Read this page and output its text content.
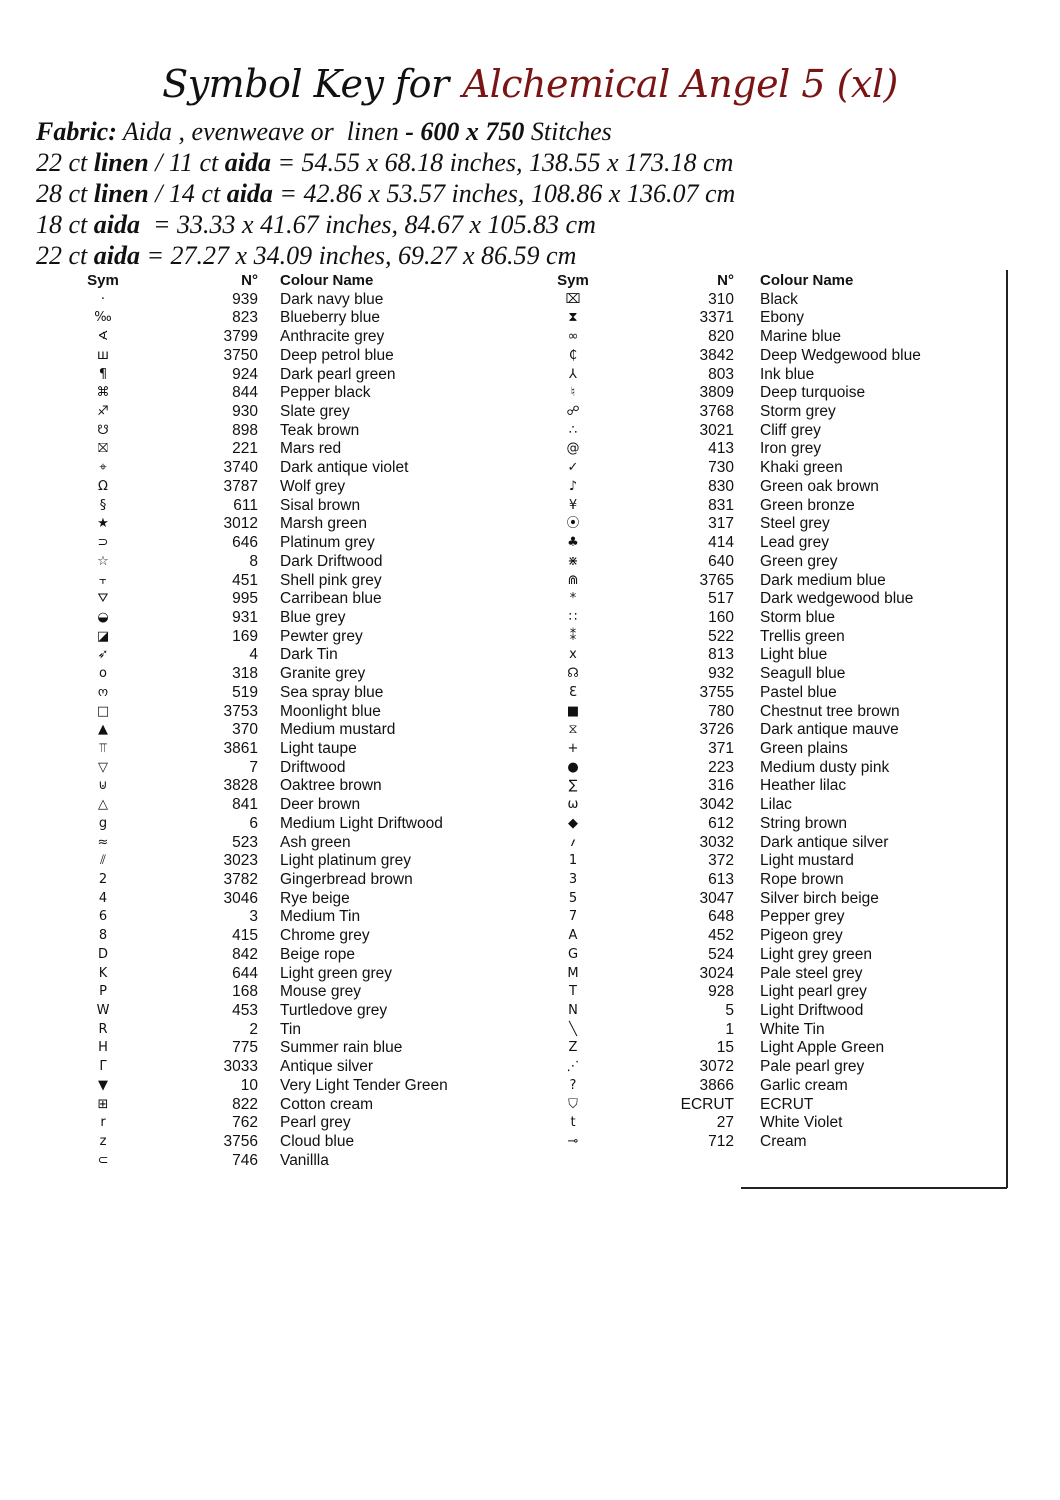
Symbol Key for Alchemical Angel 5 (xl)
Fabric: Aida , evenweave or  linen - 600 x 750 Stitches
22 ct linen / 11 ct aida = 54.55 x 68.18 inches, 138.55 x 173.18 cm
28 ct linen / 14 ct aida = 42.86 x 53.57 inches, 108.86 x 136.07 cm
18 ct aida  = 33.33 x 41.67 inches, 84.67 x 105.83 cm
22 ct aida = 27.27 x 34.09 inches, 69.27 x 86.59 cm
Sym	N° Colour Name
·	939 Dark navy blue
‰	823 Blueberry blue
∢	3799 Anthracite grey
ш	3750 Deep petrol blue
¶	924 Dark pearl green
⌘	844 Pepper black
♐	930 Slate grey
☋	898 Teak brown
⛝	221 Mars red
⌖	3740 Dark antique violet
Ω	3787 Wolf grey
§	611 Sisal brown
★	3012 Marsh green
⊃	646 Platinum grey
☆	8 Dark Driftwood
⫟	451 Shell pink grey
⛛	995 Carribean blue
◒	931 Blue grey
◪	169 Pewter grey
➶	4 Dark Tin
o	318 Granite grey
ო	519 Sea spray blue
□	3753 Moonlight blue
▲	370 Medium mustard
⫪	3861 Light taupe
▽	7 Driftwood
⊍	3828 Oaktree brown
△	841 Deer brown
g	6 Medium Light Driftwood
≈	523 Ash green
⫽	3023 Light platinum grey
2	3782 Gingerbread brown
4	3046 Rye beige
6	3 Medium Tin
8	415 Chrome grey
D	842 Beige rope
K	644 Light green grey
P	168 Mouse grey
W	453 Turtledove grey
R	2 Tin
H	775 Summer rain blue
Γ	3033 Antique silver
▼	10 Very Light Tender Green
⊞	822 Cotton cream
r	762 Pearl grey
z	3756 Cloud blue
⊂	746 Vanillla
Sym	N° Colour Name
⌧	310 Black
⧗	3371 Ebony
∞	820 Marine blue
₵	3842 Deep Wedgewood blue
⅄	803 Ink blue
♮	3809 Deep turquoise
☍	3768 Storm grey
∴	3021 Cliff grey
@	413 Iron grey
✓	730 Khaki green
♪	830 Green oak brown
¥	831 Green bronze
⦿	317 Steel grey
♣	414 Lead grey
⋇	640 Green grey
⋒	3765 Dark medium blue
*	517 Dark wedgewood blue
∷	160 Storm blue
⁑	522 Trellis green
x	813 Light blue
☊	932 Seagull blue
Ɛ	3755 Pastel blue
■	780 Chestnut tree brown
⧖	3726 Dark antique mauve
+	371 Green plains
●	223 Medium dusty pink
∑	316 Heather lilac
ω	3042 Lilac
◆	612 String brown
؍	3032 Dark antique silver
1	372 Light mustard
3	613 Rope brown
5	3047 Silver birch beige
7	648 Pepper grey
A	452 Pigeon grey
G	524 Light grey green
M	3024 Pale steel grey
T	928 Light pearl grey
N	5 Light Driftwood
╲	1 White Tin
Z	15 Light Apple Green
⋰	3072 Pale pearl grey
?	3866 Garlic cream
⛉	ECRUT ECRUT
t	27 White Violet
⊸	712 Cream
